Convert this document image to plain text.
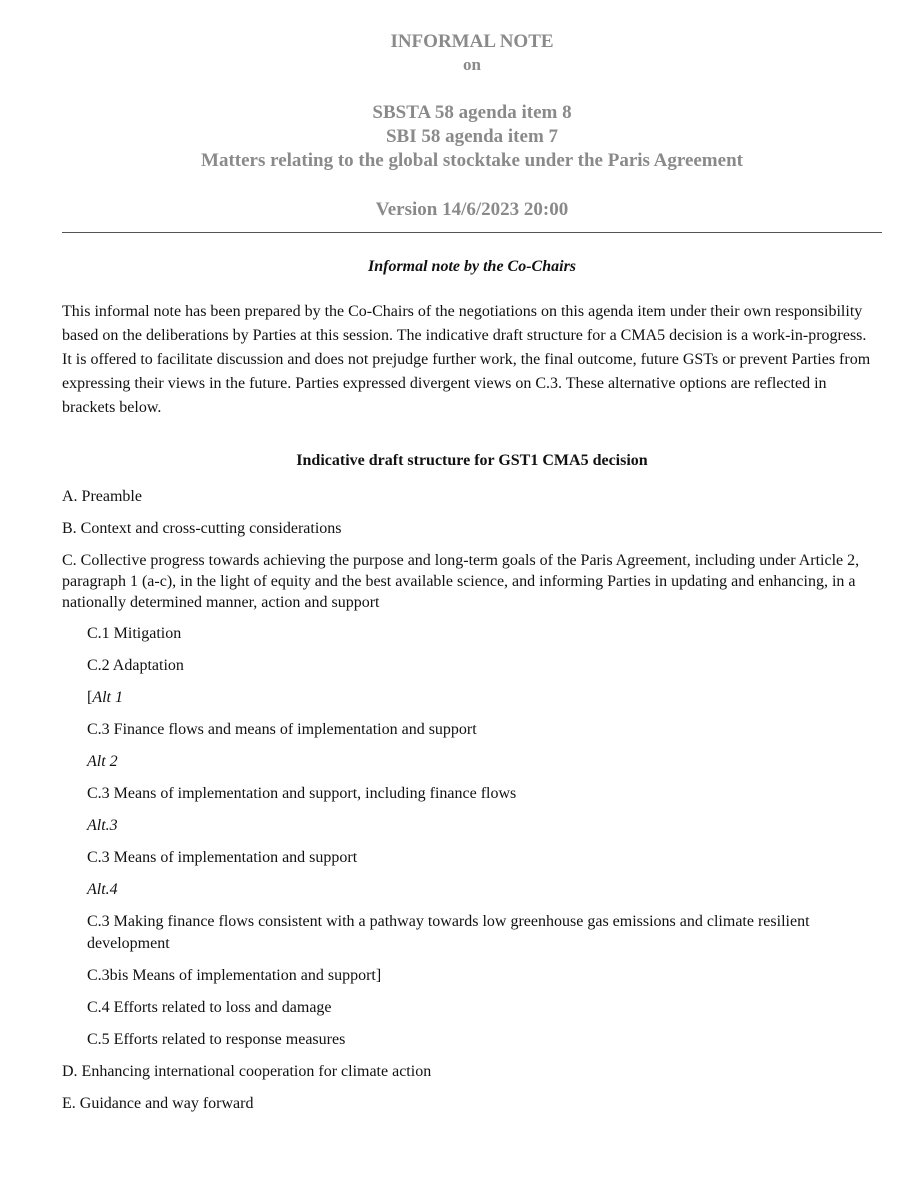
INFORMAL NOTE
on
SBSTA 58 agenda item 8
SBI 58 agenda item 7
Matters relating to the global stocktake under the Paris Agreement
Version 14/6/2023 20:00
Informal note by the Co-Chairs
This informal note has been prepared by the Co-Chairs of the negotiations on this agenda item under their own responsibility based on the deliberations by Parties at this session. The indicative draft structure for a CMA5 decision is a work-in-progress. It is offered to facilitate discussion and does not prejudge further work, the final outcome, future GSTs or prevent Parties from expressing their views in the future. Parties expressed divergent views on C.3. These alternative options are reflected in brackets below.
Indicative draft structure for GST1 CMA5 decision
A. Preamble
B. Context and cross-cutting considerations
C. Collective progress towards achieving the purpose and long-term goals of the Paris Agreement, including under Article 2, paragraph 1 (a-c), in the light of equity and the best available science, and informing Parties in updating and enhancing, in a nationally determined manner, action and support
C.1 Mitigation
C.2 Adaptation
[Alt 1
C.3 Finance flows and means of implementation and support
Alt 2
C.3 Means of implementation and support, including finance flows
Alt.3
C.3 Means of implementation and support
Alt.4
C.3 Making finance flows consistent with a pathway towards low greenhouse gas emissions and climate resilient development
C.3bis Means of implementation and support]
C.4 Efforts related to loss and damage
C.5 Efforts related to response measures
D. Enhancing international cooperation for climate action
E. Guidance and way forward
